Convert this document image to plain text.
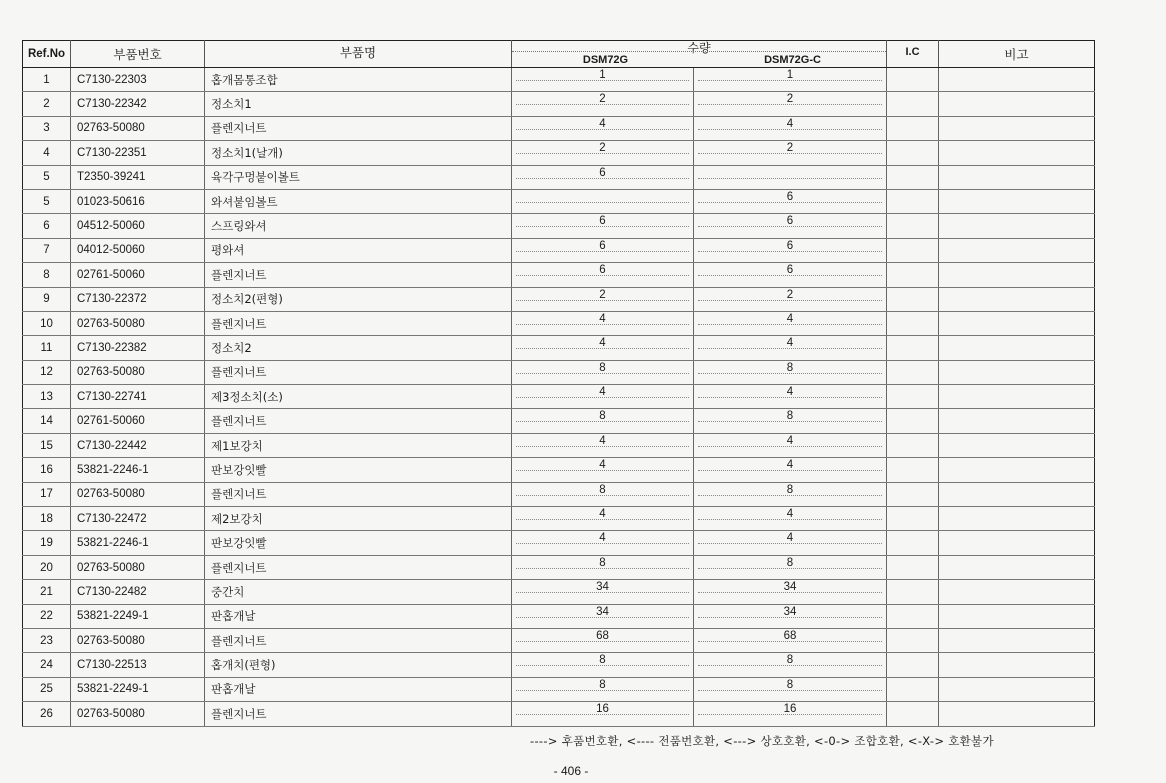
Ref.No	부품번호	부품명	수량
DSM72G DSM72G-C		I.C	비고
1	C7130-22303	홉개몸통조합	1	1		

2	C7130-22342	정소치1	2	2		

3	02763-50080	플렌지너트	4	4		

4	C7130-22351	정소치1(날개)	2	2		

5	T2350-39241	육각구멍붙이볼트	6			

5	01023-50616	와셔붙임볼트		6		

6	04512-50060	스프링와셔	6	6		

7	04012-50060	평와셔	6	6		

8	02761-50060	플렌지너트	6	6		

9	C7130-22372	정소치2(편형)	2	2		

10	02763-50080	플렌지너트	4	4		

11	C7130-22382	정소치2	4	4		

12	02763-50080	플렌지너트	8	8		

13	C7130-22741	제3정소치(소)	4	4		

14	02761-50060	플렌지너트	8	8		

15	C7130-22442	제1보강치	4	4		

16	53821-2246-1	판보강잇빨	4	4		

17	02763-50080	플렌지너트	8	8		

18	C7130-22472	제2보강치	4	4		

19	53821-2246-1	판보강잇빨	4	4		

20	02763-50080	플렌지너트	8	8		

21	C7130-22482	중간치	34	34		

22	53821-2249-1	판홉개날	34	34		

23	02763-50080	플렌지너트	68	68		

24	C7130-22513	홉개치(편형)	8	8		

25	53821-2249-1	판홉개날	8	8		

26	02763-50080	플렌지너트	16	16		

----> 후품번호환, <---- 전품번호환, <---> 상호호환, <-0-> 조합호환, <-X-> 호환불가
- 406 -
